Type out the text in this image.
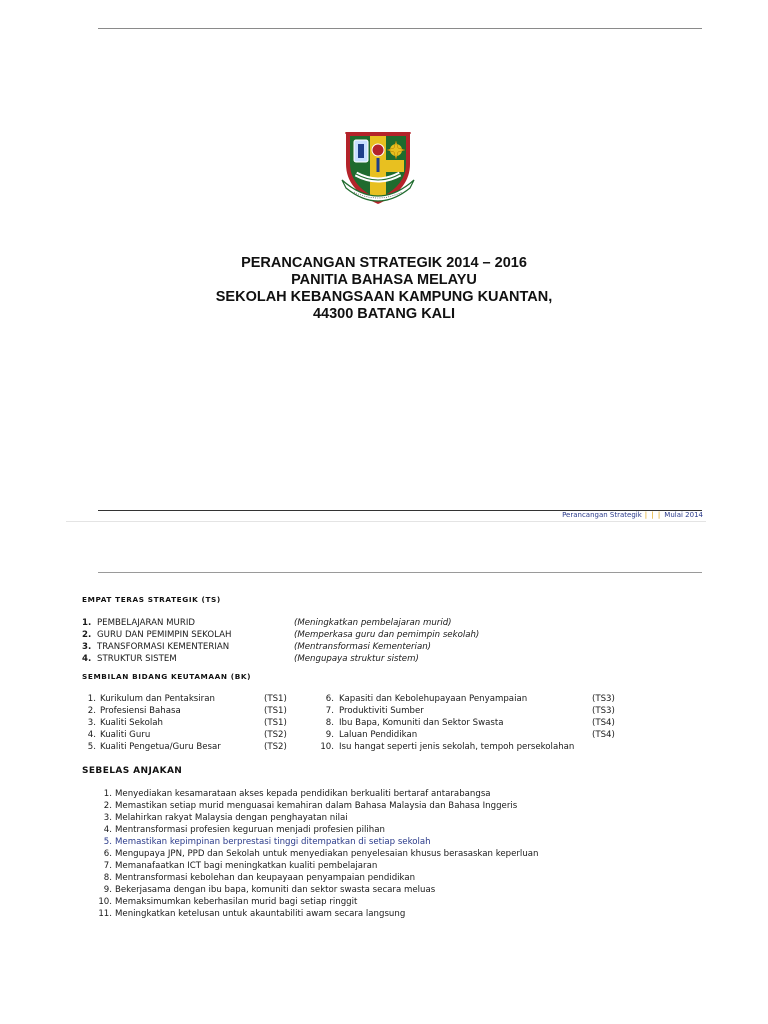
PERANCANGAN STRATEGIK 2014 – 2016
PANITIA BAHASA MELAYU
SEKOLAH KEBANGSAAN KAMPUNG KUANTAN,
44300 BATANG KALI
Perancangan Strategik | | | Mulai 2014
EMPAT TERAS STRATEGIK (TS)
1. PEMBELAJARAN MURID	(Meningkatkan pembelajaran murid)
2. GURU DAN PEMIMPIN SEKOLAH	(Memperkasa guru dan pemimpin sekolah)
3. TRANSFORMASI KEMENTERIAN	(Mentransformasi Kementerian)
4. STRUKTUR SISTEM	(Mengupaya struktur sistem)
SEMBILAN BIDANG KEUTAMAAN (BK)
1. Kurikulum dan Pentaksiran	(TS1)	6. Kapasiti dan Kebolehupayaan Penyampaian	(TS3)
2. Profesiensi Bahasa	(TS1)	7. Produktiviti Sumber	(TS3)
3. Kualiti Sekolah	(TS1)	8. Ibu Bapa, Komuniti dan Sektor Swasta	(TS4)
4. Kualiti Guru	(TS2)	9. Laluan Pendidikan	(TS4)
5. Kualiti Pengetua/Guru Besar	(TS2)	10. Isu hangat seperti jenis sekolah, tempoh persekolahan
SEBELAS ANJAKAN
1. Menyediakan kesamarataan akses kepada pendidikan berkualiti bertaraf antarabangsa
2. Memastikan setiap murid menguasai kemahiran dalam Bahasa Malaysia dan Bahasa Inggeris
3. Melahirkan rakyat Malaysia dengan penghayatan nilai
4. Mentransformasi profesien keguruan menjadi profesien pilihan
5. Memastikan kepimpinan berprestasi tinggi ditempatkan di setiap sekolah
6. Mengupaya JPN, PPD dan Sekolah untuk menyediakan penyelesaian khusus berasaskan keperluan
7. Memanafaatkan ICT bagi meningkatkan kualiti pembelajaran
8. Mentransformasi kebolehan dan keupayaan penyampaian pendidikan
9. Bekerjasama dengan ibu bapa, komuniti dan sektor swasta secara meluas
10. Memaksimumkan keberhasilan murid bagi setiap ringgit
11. Meningkatkan ketelusan untuk akauntabiliti awam secara langsung
